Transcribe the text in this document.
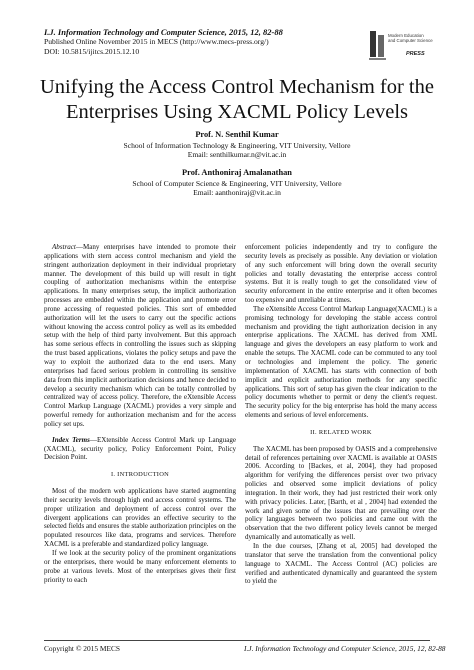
I.J. Information Technology and Computer Science, 2015, 12, 82-88
Published Online November 2015 in MECS (http://www.mecs-press.org/)
DOI: 10.5815/ijitcs.2015.12.10
Modern Education
and Computer Science
PRESS
Unifying the Access Control Mechanism for the
Enterprises Using XACML Policy Levels
Prof. N. Senthil Kumar
School of Information Technology & Engineering, VIT University, Vellore
Email: senthilkumar.n@vit.ac.in
Prof. Anthoniraj Amalanathan
School of Computer Science & Engineering, VIT University, Vellore
Email: aanthoniraj@vit.ac.in

Abstract—Many enterprises have intended to promote their applications with stern access control mechanism and yield the stringent authorization deployment in their individual proprietary manner. The development of this build up will result in tight coupling of authorization mechanisms within the enterprise applications. In many enterprises setup, the implicit authorization processes are embedded within the application and promote error prone accessing of requested policies. This sort of embedded authorization will let the users to carry out the specific actions without knowing the access control policy as well as its embedded setup with the help of third party involvement. But this approach has some serious effects in controlling the issues such as skipping the trust based applications, violates the policy setups and pave the way to exploit the authorized data to the end users. Many enterprises had faced serious problem in controlling its sensitive data from this implicit authorization decisions and hence decided to develop a security mechanism which can be totally controlled by centralized way of access policy. Therefore, the eXtensible Access Control Markup Language (XACML) provides a very simple and powerful remedy for authorization mechanism and for the access policy set ups.

Index Terms—EXtensible Access Control Mark up Language (XACML), security policy, Policy Enforcement Point, Policy Decision Point.

I. INTRODUCTION

Most of the modern web applications have started augmenting their security levels through high end access control systems. The proper utilization and deployment of access control over the divergent applications can provides an effective security to the selected fields and ensures the stable authorization principles on the populated resources like data, programs and services. Therefore XACML is a preferable and standardized policy language.

If we look at the security policy of the prominent organizations or the enterprises, there would be many enforcement elements to probe at various levels. Most of the enterprises gives their first priority to each

enforcement policies independently and try to configure the security levels as precisely as possible. Any deviation or violation of any such enforcement will bring down the overall security policies and totally devastating the enterprise access control systems. But it is really tough to get the consolidated view of security enforcement in the entire enterprise and it often becomes too expensive and unreliable at times.

The eXtensible Access Control Markup Language(XACML) is a promising technology for developing the stable access control mechanism and providing the tight authorization decision in any enterprise applications. The XACML has derived from XML language and gives the developers an easy platform to work and enable the setups. The XACML code can be commuted to any tool or technologies and implement the policy. The generic implementation of XACML has starts with connection of both implicit and explicit authorization methods for any specific applications. This sort of setup has given the clear indication to the policy documents whether to permit or deny the client's request. The security policy for the big enterprise has hold the many access elements and serious of level enforcements.

II. RELATED WORK

The XACML has been proposed by OASIS and a comprehensive detail of references pertaining over XACML is available at OASIS 2006. According to [Backes, et al, 2004], they had proposed algorithm for verifying the differences persist over two privacy policies and observed some implicit deviations of policy integration. In their work, they had just restricted their work only with privacy policies. Later, [Barth, et al , 2004] had extended the work and given some of the issues that are prevailing over the policy languages between two policies and came out with the observation that the two different policy levels cannot be merged dynamically and automatically as well.

In the due courses, [Zhang et al, 2005] had developed the translator that serve the translation from the conventional policy language to XACML. The Access Control (AC) policies are verified and authenticated dynamically and guaranteed the system to yield the

Copyright © 2015 MECS	I.J. Information Technology and Computer Science, 2015, 12, 82-88
